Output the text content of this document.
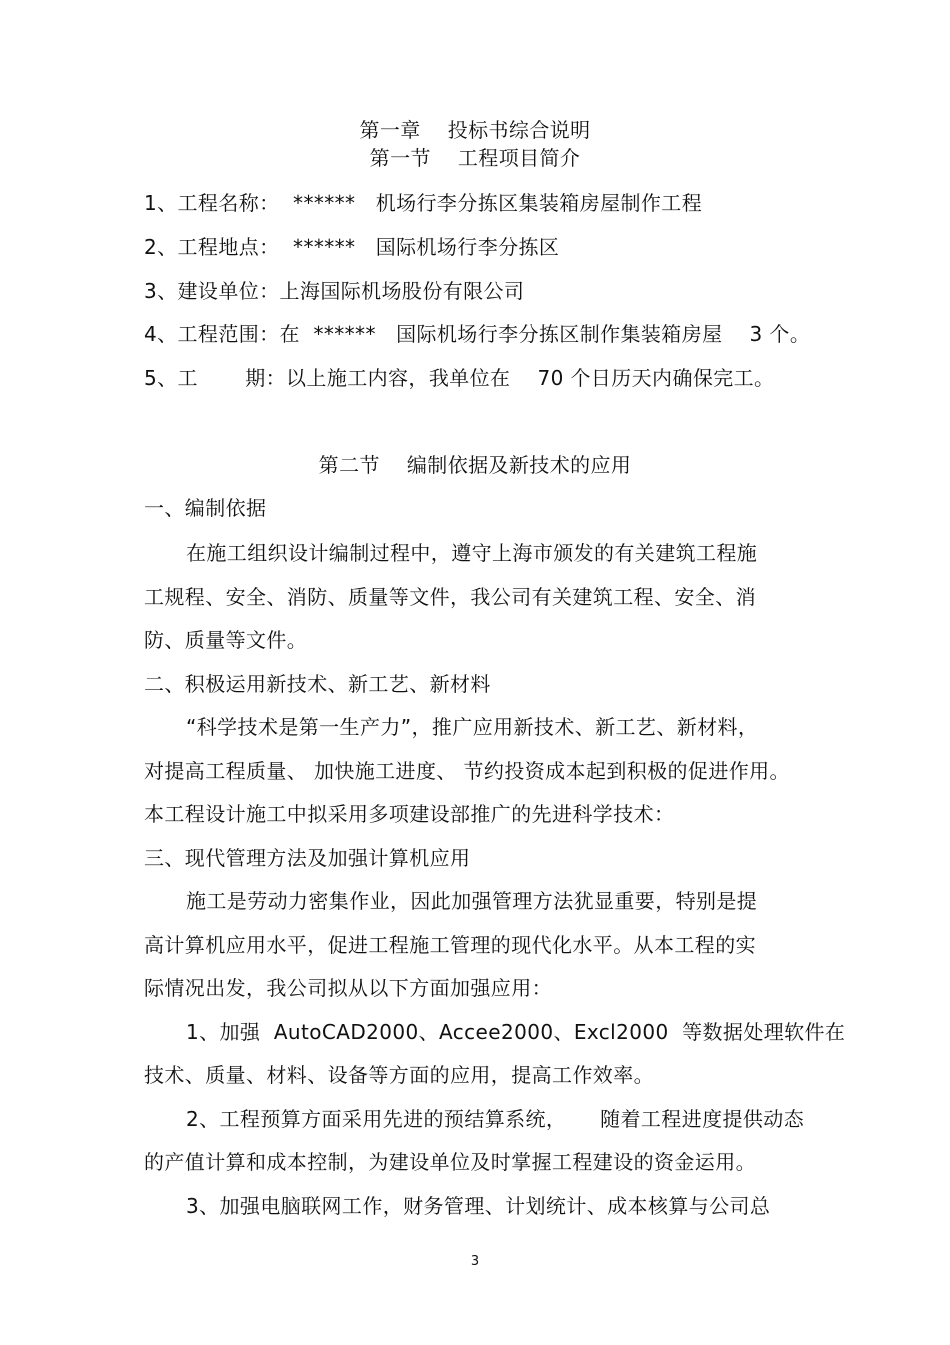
第一章    投标书综合说明
第一节    工程项目简介
1、工程名称：  ******   机场行李分拣区集装箱房屋制作工程
2、工程地点：  ******   国际机场行李分拣区
3、建设单位：上海国际机场股份有限公司
4、工程范围：在  ******   国际机场行李分拣区制作集装箱房屋    3 个。
5、工       期：以上施工内容，我单位在    70 个日历天内确保完工。
第二节    编制依据及新技术的应用
一、编制依据
在施工组织设计编制过程中，遵守上海市颁发的有关建筑工程施
工规程、安全、消防、质量等文件，我公司有关建筑工程、安全、消
防、质量等文件。
二、积极运用新技术、新工艺、新材料
“科学技术是第一生产力”，推广应用新技术、新工艺、新材料，
对提高工程质量、 加快施工进度、 节约投资成本起到积极的促进作用。
本工程设计施工中拟采用多项建设部推广的先进科学技术：
三、现代管理方法及加强计算机应用
施工是劳动力密集作业，因此加强管理方法犹显重要，特别是提
高计算机应用水平，促进工程施工管理的现代化水平。从本工程的实
际情况出发，我公司拟从以下方面加强应用：
1、加强  AutoCAD2000、Accee2000、Excl2000  等数据处理软件在
技术、质量、材料、设备等方面的应用，提高工作效率。
2、工程预算方面采用先进的预结算系统，     随着工程进度提供动态
的产值计算和成本控制，为建设单位及时掌握工程建设的资金运用。
3、加强电脑联网工作，财务管理、计划统计、成本核算与公司总
3
